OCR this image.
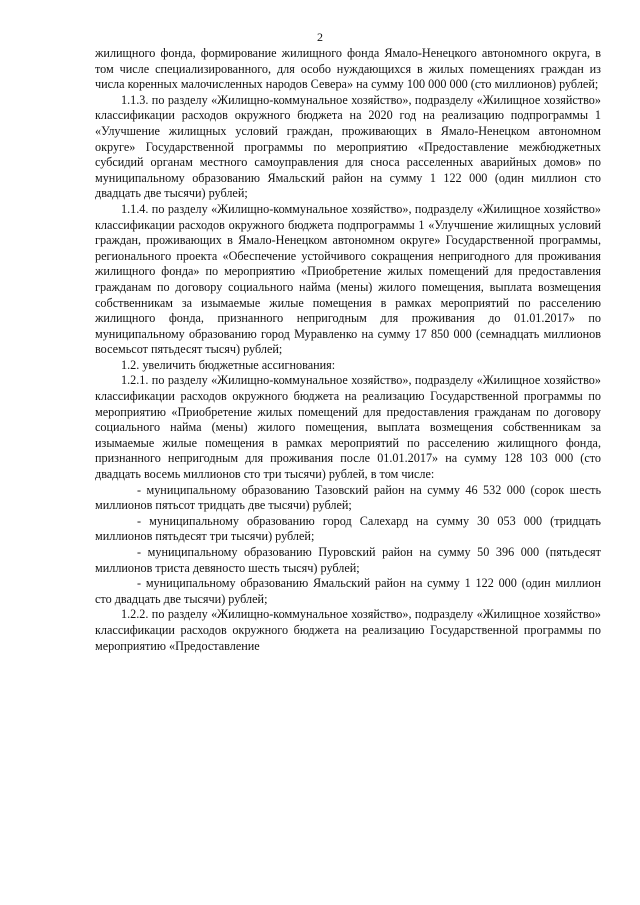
2

жилищного фонда, формирование жилищного фонда Ямало-Ненецкого автономного округа, в том числе специализированного, для особо нуждающихся в жилых помещениях граждан из числа коренных малочисленных народов Севера» на сумму 100 000 000 (сто миллионов) рублей;

1.1.3. по разделу «Жилищно-коммунальное хозяйство», подразделу «Жилищное хозяйство» классификации расходов окружного бюджета на 2020 год на реализацию подпрограммы 1 «Улучшение жилищных условий граждан, проживающих в Ямало-Ненецком автономном округе» Государственной программы по мероприятию «Предоставление межбюджетных субсидий органам местного самоуправления для сноса расселенных аварийных домов» по муниципальному образованию Ямальский район на сумму 1 122 000 (один миллион сто двадцать две тысячи) рублей;

1.1.4. по разделу «Жилищно-коммунальное хозяйство», подразделу «Жилищное хозяйство» классификации расходов окружного бюджета подпрограммы 1 «Улучшение жилищных условий граждан, проживающих в Ямало-Ненецком автономном округе» Государственной программы, регионального проекта «Обеспечение устойчивого сокращения непригодного для проживания жилищного фонда» по мероприятию «Приобретение жилых помещений для предоставления гражданам по договору социального найма (мены) жилого помещения, выплата возмещения собственникам за изымаемые жилые помещения в рамках мероприятий по расселению жилищного фонда, признанного непригодным для проживания до 01.01.2017» по муниципальному образованию город Муравленко на сумму 17 850 000 (семнадцать миллионов восемьсот пятьдесят тысяч) рублей;

1.2. увеличить бюджетные ассигнования:

1.2.1. по разделу «Жилищно-коммунальное хозяйство», подразделу «Жилищное хозяйство» классификации расходов окружного бюджета на реализацию Государственной программы по мероприятию «Приобретение жилых помещений для предоставления гражданам по договору социального найма (мены) жилого помещения, выплата возмещения собственникам за изымаемые жилые помещения в рамках мероприятий по расселению жилищного фонда, признанного непригодным для проживания после 01.01.2017» на сумму 128 103 000 (сто двадцать восемь миллионов сто три тысячи) рублей, в том числе:

- муниципальному образованию Тазовский район на сумму 46 532 000 (сорок шесть миллионов пятьсот тридцать две тысячи) рублей;

- муниципальному образованию город Салехард на сумму 30 053 000 (тридцать миллионов пятьдесят три тысячи) рублей;

- муниципальному образованию Пуровский район на сумму 50 396 000 (пятьдесят миллионов триста девяносто шесть тысяч) рублей;

- муниципальному образованию Ямальский район на сумму 1 122 000 (один миллион сто двадцать две тысячи) рублей;

1.2.2. по разделу «Жилищно-коммунальное хозяйство», подразделу «Жилищное хозяйство» классификации расходов окружного бюджета на реализацию Государственной программы по мероприятию «Предоставление
